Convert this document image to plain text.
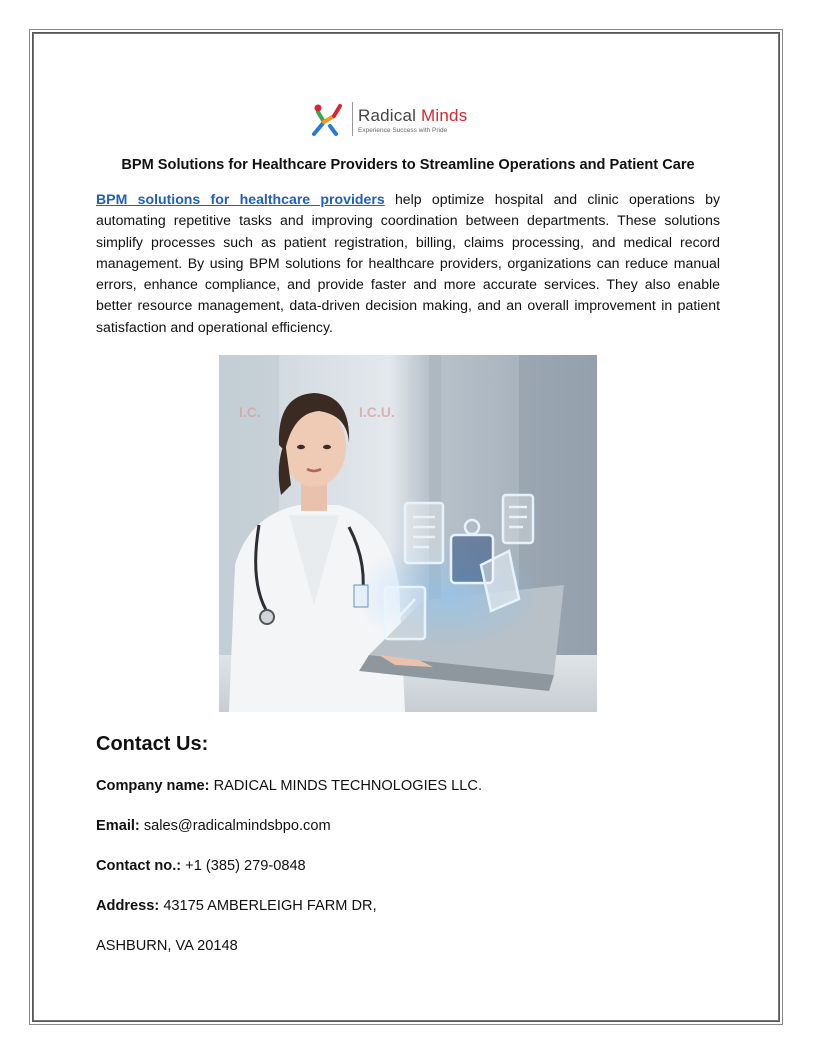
Radical Minds
Experience Success with Pride
BPM Solutions for Healthcare Providers to Streamline Operations and Patient Care
BPM solutions for healthcare providers help optimize hospital and clinic operations by automating repetitive tasks and improving coordination between departments. These solutions simplify processes such as patient registration, billing, claims processing, and medical record management. By using BPM solutions for healthcare providers, organizations can reduce manual errors, enhance compliance, and provide faster and more accurate services. They also enable better resource management, data-driven decision making, and an overall improvement in patient satisfaction and operational efficiency.
I.C.	I.C.U.
Contact Us:
Company name: RADICAL MINDS TECHNOLOGIES LLC.
Email: sales@radicalmindsbpo.com
Contact no.: +1 (385) 279-0848
Address: 43175 AMBERLEIGH FARM DR,
ASHBURN, VA 20148
